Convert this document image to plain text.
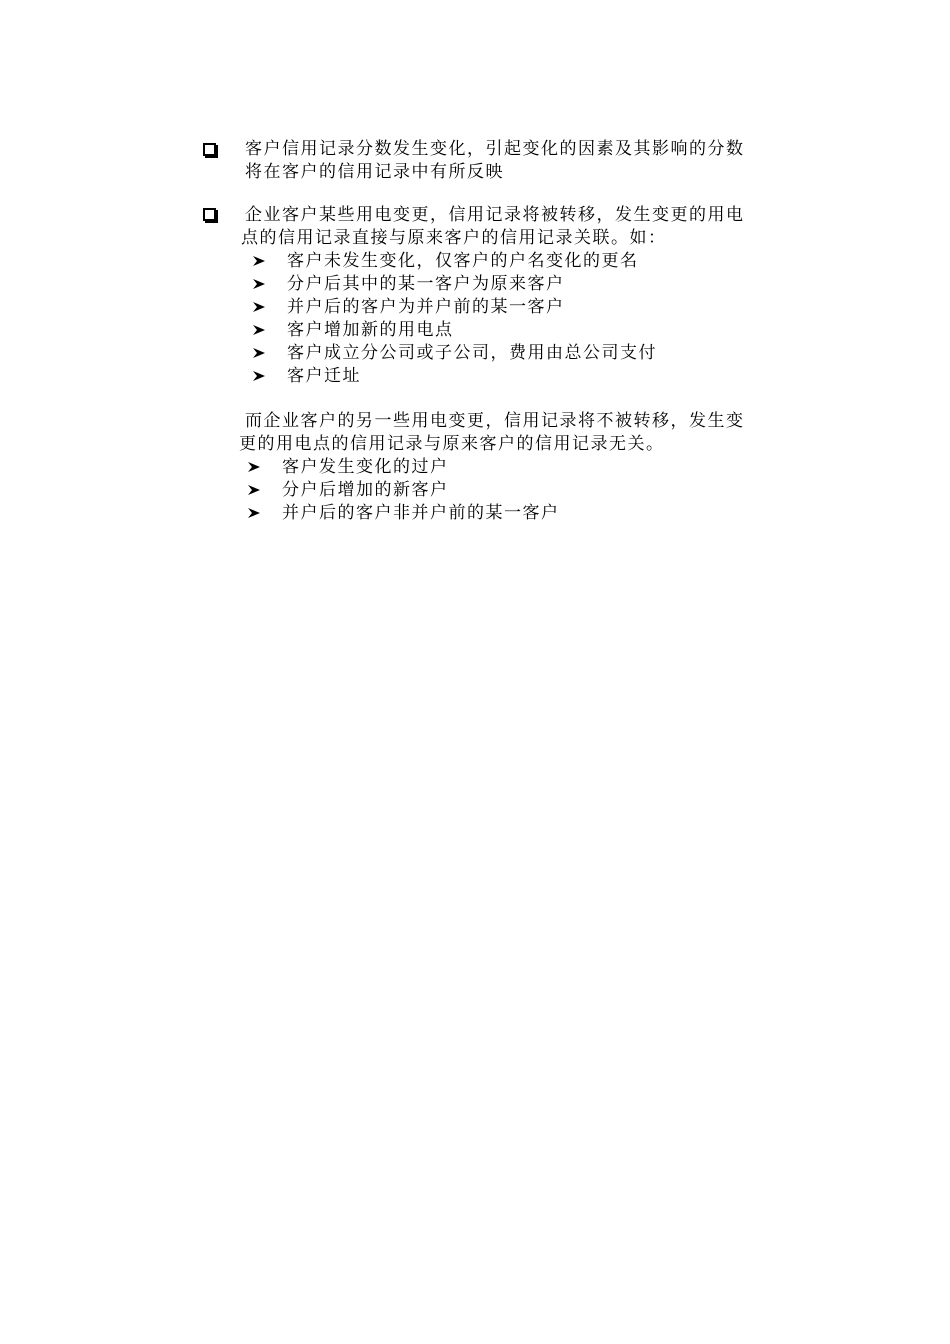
客户信用记录分数发生变化，引起变化的因素及其影响的分数
将在客户的信用记录中有所反映
企业客户某些用电变更，信用记录将被转移，发生变更的用电
点的信用记录直接与原来客户的信用记录关联。如：
客户未发生变化，仅客户的户名变化的更名
分户后其中的某一客户为原来客户
并户后的客户为并户前的某一客户
客户增加新的用电点
客户成立分公司或子公司，费用由总公司支付
客户迁址
而企业客户的另一些用电变更，信用记录将不被转移，发生变
更的用电点的信用记录与原来客户的信用记录无关。
客户发生变化的过户
分户后增加的新客户
并户后的客户非并户前的某一客户
